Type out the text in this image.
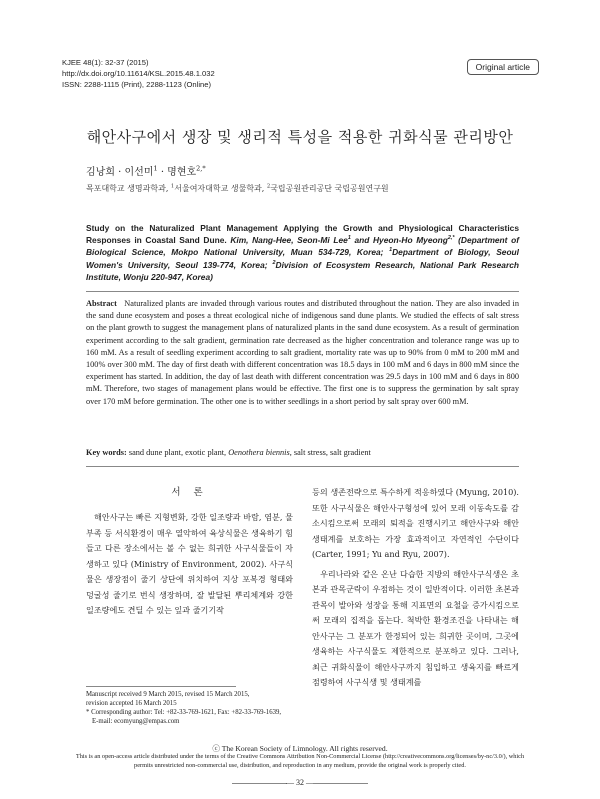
KJEE 48(1): 32-37 (2015)
http://dx.doi.org/10.11614/KSL.2015.48.1.032
ISSN: 2288-1115 (Print), 2288-1123 (Online)
Original article
해안사구에서 생장 및 생리적 특성을 적용한 귀화식물 관리방안
김낭희 · 이선미$^1$ · 명현호$^{2,*}$
목포대학교 생명과학과, $^1$서울여자대학교 생물학과, $^2$국립공원관리공단 국립공원연구원
Study on the Naturalized Plant Management Applying the Growth and Physiological Characteristics Responses in Coastal Sand Dune. Kim, Nang-Hee, Seon-Mi Lee$^1$ and Hyeon-Ho Myeong$^{2,*}$ (Department of Biological Science, Mokpo National University, Muan 534-729, Korea; $^1$Department of Biology, Seoul Women's University, Seoul 139-774, Korea; $^2$Division of Ecosystem Research, National Park Research Institute, Wonju 220-947, Korea)
Abstract Naturalized plants are invaded through various routes and distributed throughout the nation. They are also invaded in the sand dune ecosystem and poses a threat ecological niche of indigenous sand dune plants. We studied the effects of salt stress on the plant growth to suggest the management plans of naturalized plants in the sand dune ecosystem. As a result of germination experiment according to the salt gradient, germination rate decreased as the higher concentration and tolerance range was up to 160 mM. As a result of seedling experiment according to salt gradient, mortality rate was up to 90% from 0 mM to 200 mM and 100% over 300 mM. The day of first death with different concentration was 18.5 days in 100 mM and 6 days in 800 mM since the experiment has started. In addition, the day of last death with different concentration was 29.5 days in 100 mM and 6 days in 800 mM. Therefore, two stages of management plans would be effective. The first one is to suppress the germination by salt spray over 170 mM before germination. The other one is to wither seedlings in a short period by salt spray over 600 mM.
Key words: sand dune plant, exotic plant, Oenothera biennis, salt stress, salt gradient
서 론

해안사구는 빠른 지형변화, 강한 일조량과 바람, 염분, 물 부족 등 서식환경이 매우 열악하여 육상식물은 생육하기 힘들고 다른 장소에서는 볼 수 없는 희귀한 사구식물들이 자생하고 있다 (Ministry of Environment, 2002). 사구식물은 생장점이 줄기 상단에 위치하여 지상 포복경 형태와 덩굴성 줄기로 번식 생장하며, 잘 발달된 뿌리체계와 강한 일조량에도 견딜 수 있는 잎과 줄기기작

Manuscript received 9 March 2015, revised 15 March 2015,
revision accepted 16 March 2015
* Corresponding author: Tel: +82-33-769-1621, Fax: +82-33-769-1639,
E-mail: ecomyung@empas.com

등의 생존전략으로 특수하게 적응하였다 (Myung, 2010). 또한 사구식물은 해안사구형성에 있어 모래 이동속도를 감소시킴으로써 모래의 퇴적을 진행시키고 해안사구와 해안생태계를 보호하는 가장 효과적이고 자연적인 수단이다 (Carter, 1991; Yu and Ryu, 2007).

우리나라와 같은 온난 다습한 지방의 해안사구식생은 초본과 관목군락이 우점하는 것이 일반적이다. 이러한 초본과 관목이 발아와 성장을 통해 지표면의 요철을 증가시킴으로써 모래의 집적을 돕는다. 척박한 환경조건을 나타내는 해안사구는 그 분포가 한정되어 있는 희귀한 곳이며, 그곳에 생육하는 사구식물도 제한적으로 분포하고 있다. 그러나, 최근 귀화식물이 해안사구까지 침입하고 생육지를 빠르게 점령하여 사구식생 및 생태계를

ⓒ The Korean Society of Limnology. All rights reserved.
This is an open-access article distributed under the terms of the Creative Commons Attribution Non-Commercial License (http://creativecommons.org/licenses/by-nc/3.0/), which permits unrestricted non-commercial use, distribution, and reproduction in any medium, provide the original work is properly cited.
— 32 —
